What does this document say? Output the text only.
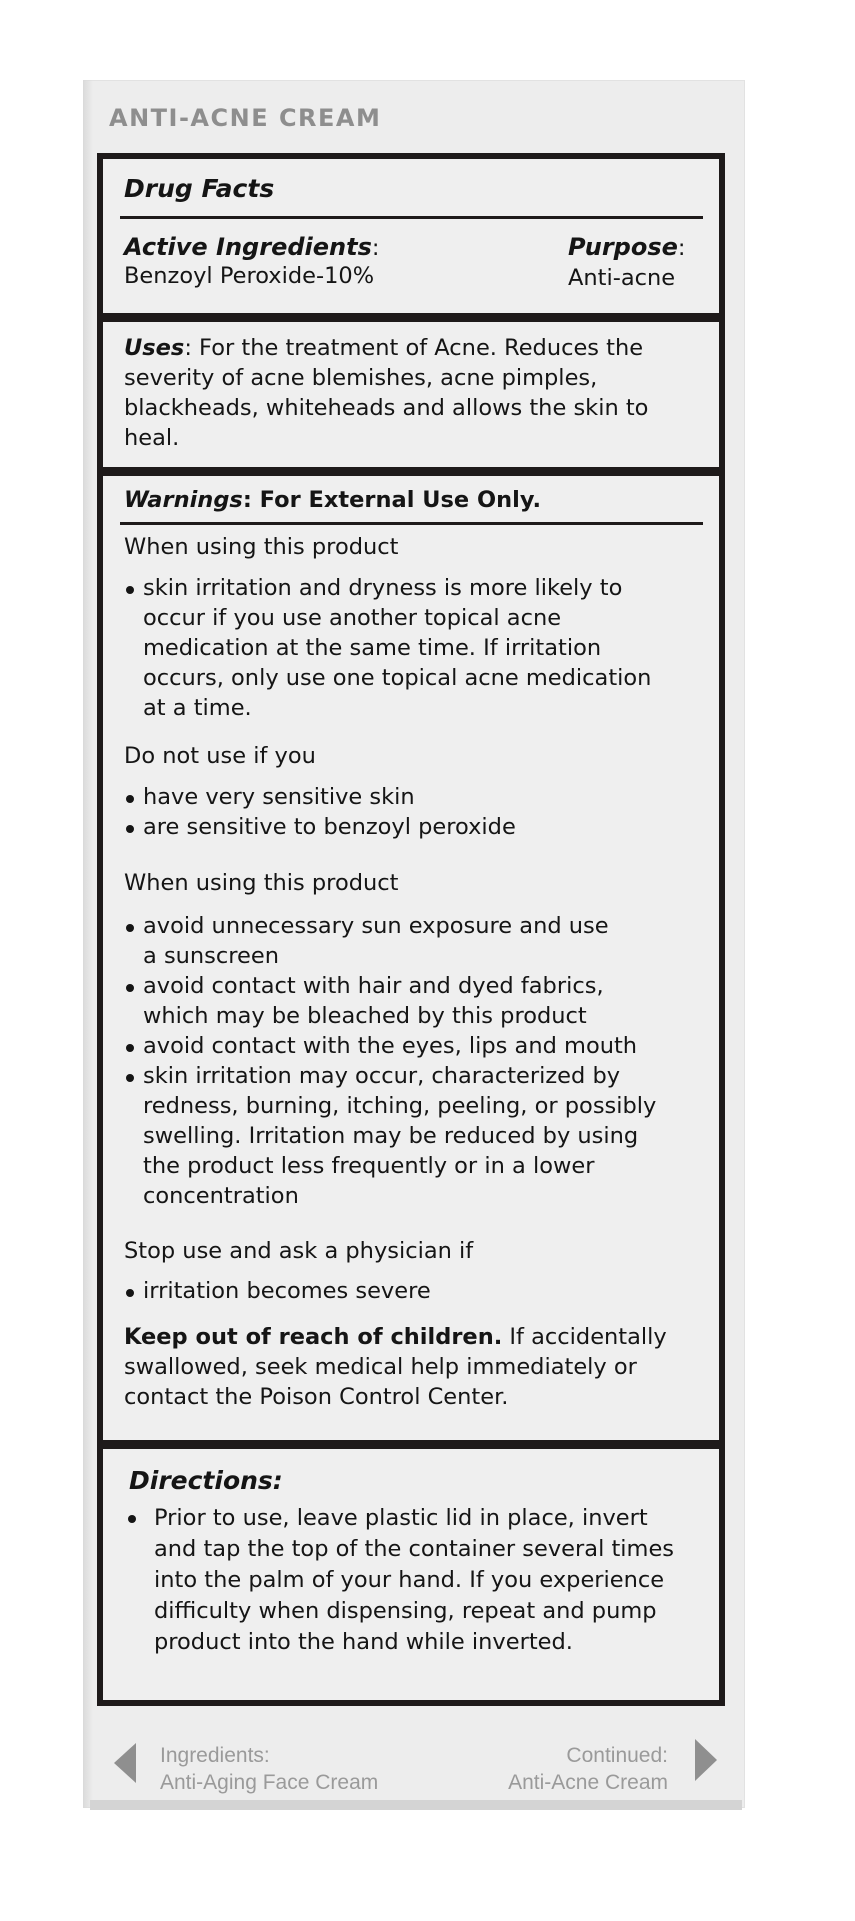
ANTI-ACNE CREAM
Drug Facts
Active Ingredients:
Benzoyl Peroxide-10%
Purpose:
Anti-acne
Uses: For the treatment of Acne. Reduces the
severity of acne blemishes, acne pimples,
blackheads, whiteheads and allows the skin to
heal.
Warnings: For External Use Only.
When using this product
skin irritation and dryness is more likely to
occur if you use another topical acne
medication at the same time. If irritation
occurs, only use one topical acne medication
at a time.
Do not use if you
have very sensitive skin
are sensitive to benzoyl peroxide
When using this product
avoid unnecessary sun exposure and use
a sunscreen
avoid contact with hair and dyed fabrics,
which may be bleached by this product
avoid contact with the eyes, lips and mouth
skin irritation may occur, characterized by
redness, burning, itching, peeling, or possibly
swelling. Irritation may be reduced by using
the product less frequently or in a lower
concentration
Stop use and ask a physician if
irritation becomes severe
Keep out of reach of children. If accidentally
swallowed, seek medical help immediately or
contact the Poison Control Center.
Directions:
Prior to use, leave plastic lid in place, invert
and tap the top of the container several times
into the palm of your hand. If you experience
difficulty when dispensing, repeat and pump
product into the hand while inverted.
Ingredients:
Anti-Aging Face Cream
Continued:
Anti-Acne Cream
